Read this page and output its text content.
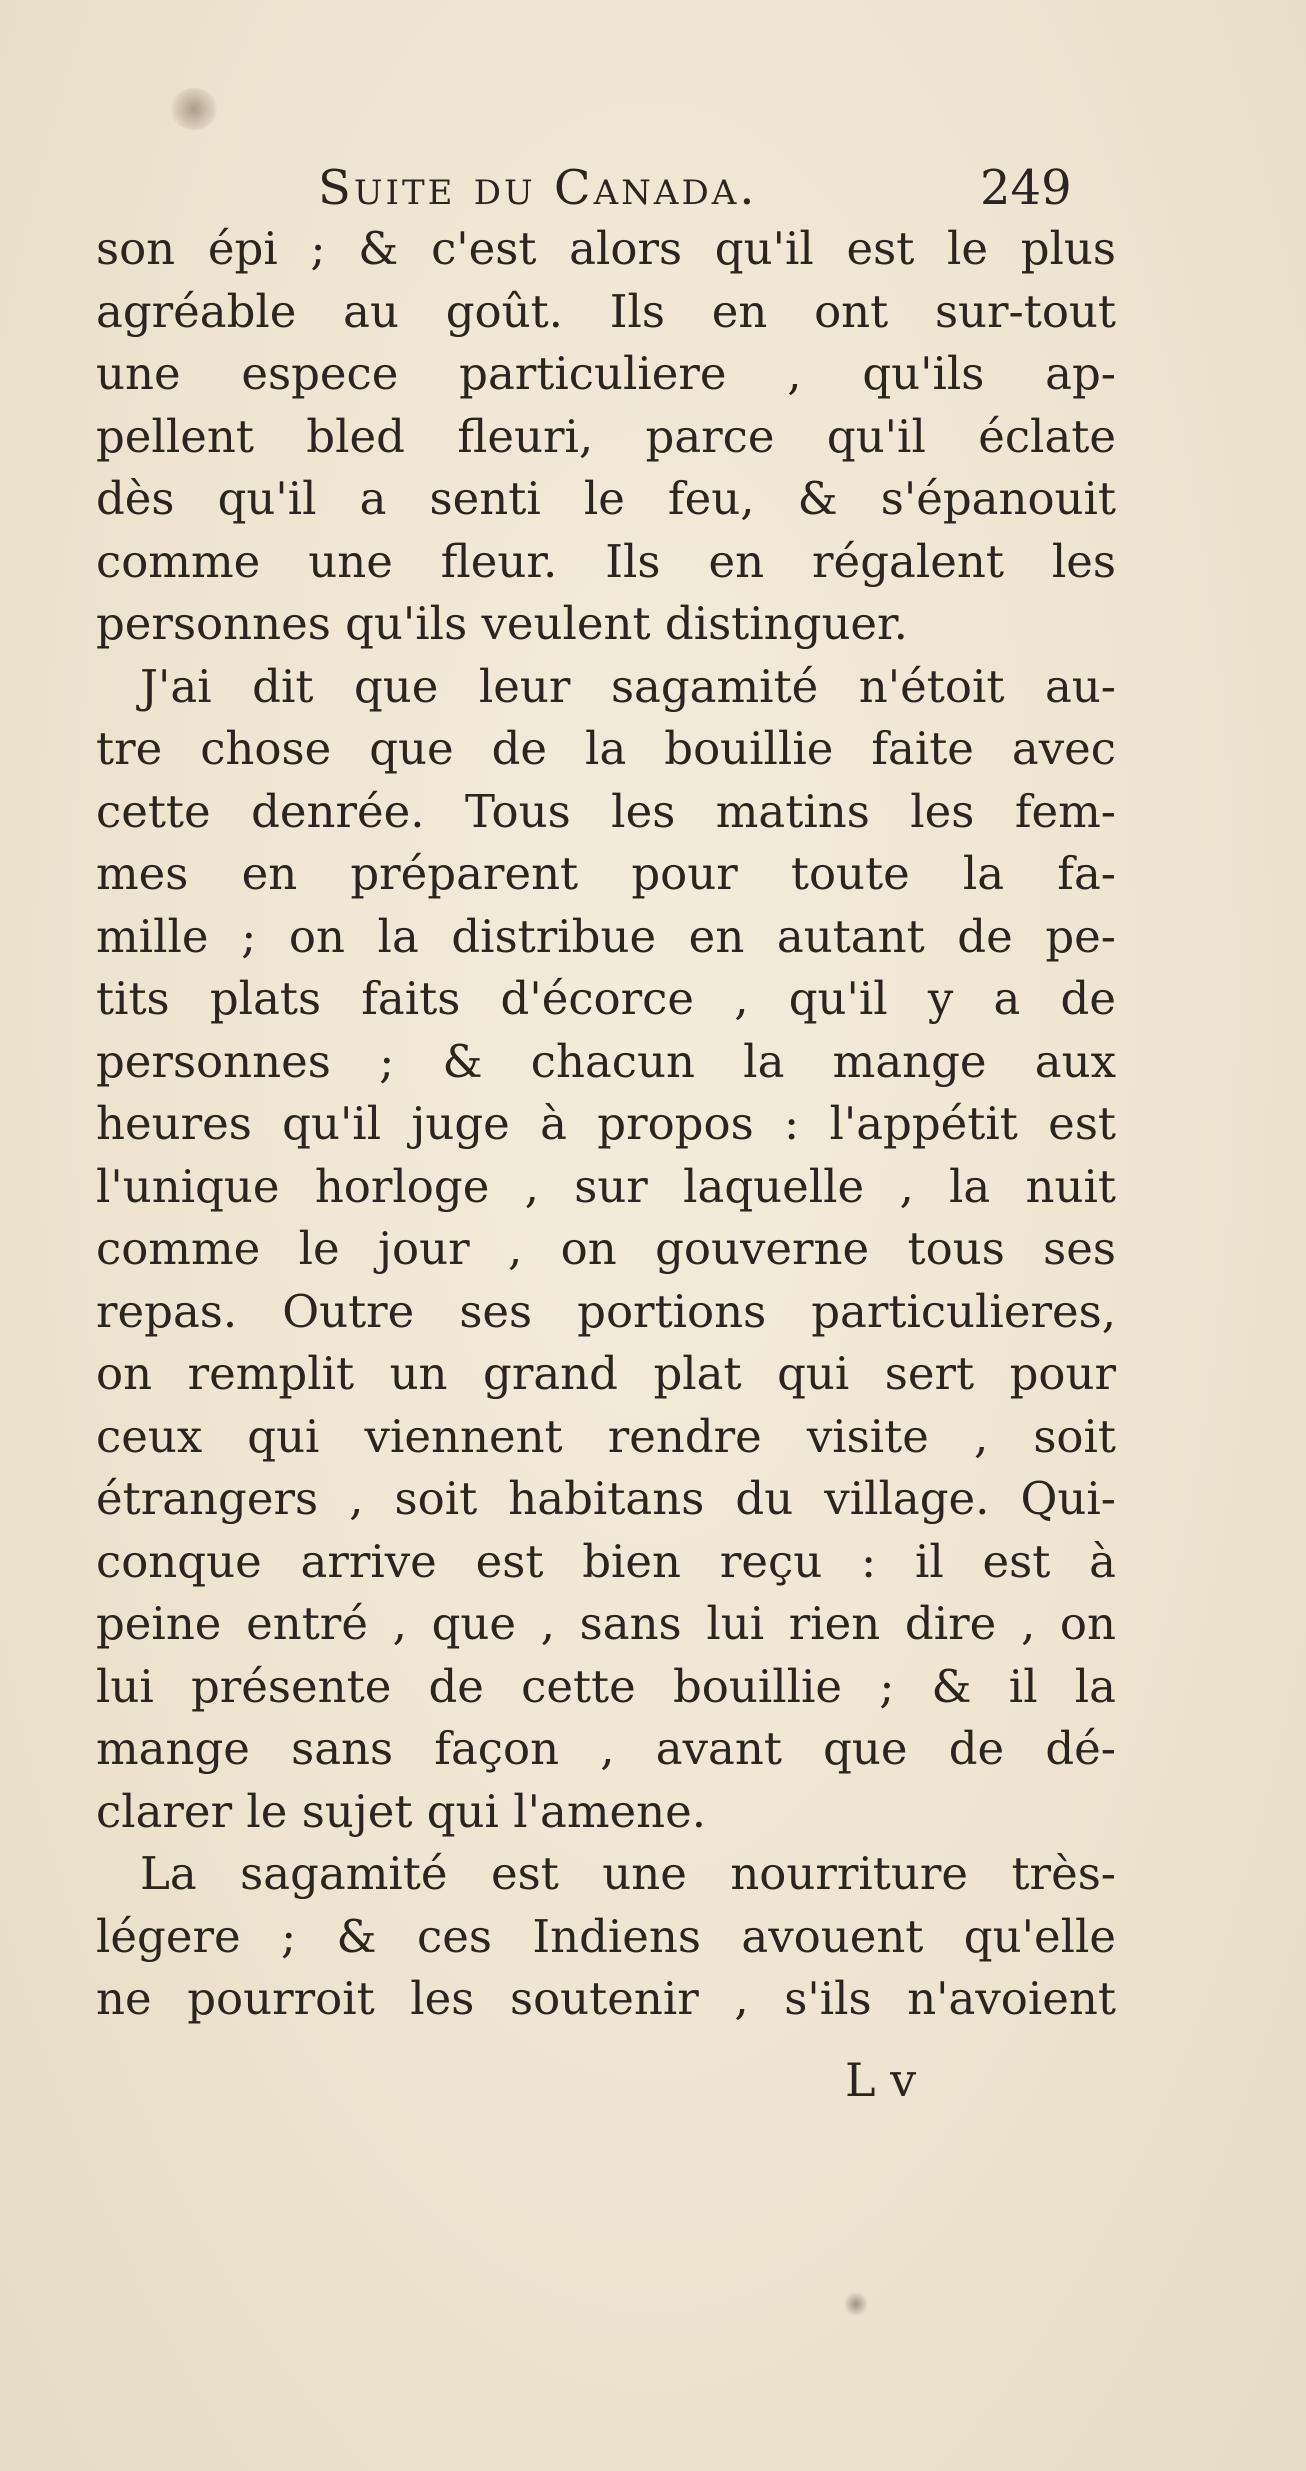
Suite du Canada.	249
son épi ; & c'est alors qu'il est le plus
agréable au goût. Ils en ont sur-tout
une espece particuliere , qu'ils ap-
pellent bled fleuri, parce qu'il éclate
dès qu'il a senti le feu, & s'épanouit
comme une fleur. Ils en régalent les
personnes qu'ils veulent distinguer.
J'ai dit que leur sagamité n'étoit au-
tre chose que de la bouillie faite avec
cette denrée. Tous les matins les fem-
mes en préparent pour toute la fa-
mille ; on la distribue en autant de pe-
tits plats faits d'écorce , qu'il y a de
personnes ; & chacun la mange aux
heures qu'il juge à propos : l'appétit est
l'unique horloge , sur laquelle , la nuit
comme le jour , on gouverne tous ses
repas. Outre ses portions particulieres,
on remplit un grand plat qui sert pour
ceux qui viennent rendre visite , soit
étrangers , soit habitans du village. Qui-
conque arrive est bien reçu : il est à
peine entré , que , sans lui rien dire , on
lui présente de cette bouillie ; & il la
mange sans façon , avant que de dé-
clarer le sujet qui l'amene.
La sagamité est une nourriture très-
légere ; & ces Indiens avouent qu'elle
ne pourroit les soutenir , s'ils n'avoient
L v
